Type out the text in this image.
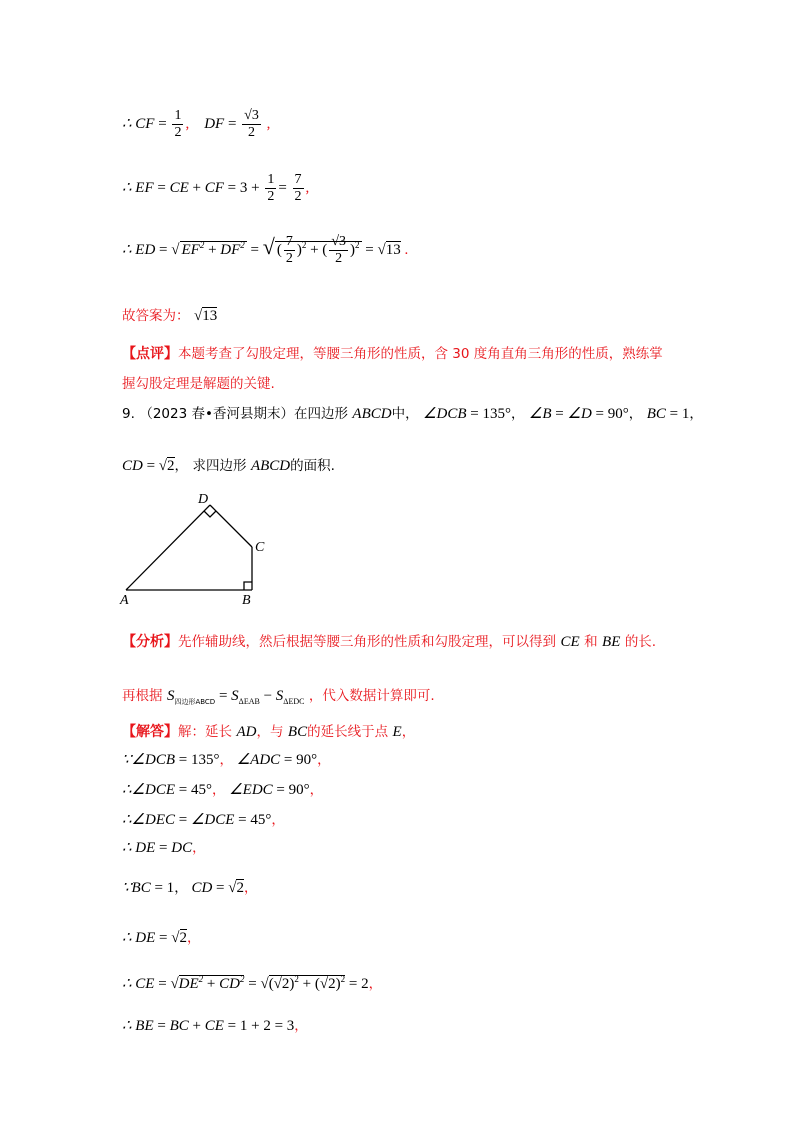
∴ CF = $\frac{1}{2}$ ,    DF = $\frac{√3}{2}$ ,
∴ EF = CE + CF = $3 + \frac{1}{2} = \frac{7}{2}$ ,
∴ ED = √ $EF^2 + DF^2$ = √ ( $\frac{7}{2} )^2$ + ( $\frac{√3}{2} )^2 = √13$ .
故答案为： √13
【点评】本题考查了勾股定理，等腰三角形的性质，含 30 度角直角三角形的性质，熟练掌
握勾股定理是解题的关键.
9. （2023 春•香河县期末）在四边形 ABCD中， ∠DCB = 135°， ∠B = ∠D = 90°， BC = 1，
CD = √2， 求四边形 ABCD的面积.
D
C
A	B
【分析】先作辅助线，然后根据等腰三角形的性质和勾股定理，可以得到 CE 和 BE 的长.
再根据 $S_{四边形ABCD} = S_{\Delta EAB} - S_{\Delta EDC}$ ，代入数据计算即可.
【解答】解：延长 AD，与 BC的延长线于点 E，
∵∠DCB = 135°， ∠ADC = 90°，
∴∠DCE = 45°， ∠EDC = 90°，
∴∠DEC = ∠DCE = 45°，
∴ DE = DC，
∵BC = 1， CD = √2，
∴ DE = √2，
∴ CE = $√DE^2 + CD^2 = √(√2)^2 + (√2)^2 = 2$，
∴ BE = BC + CE = 1 + 2 = 3，
